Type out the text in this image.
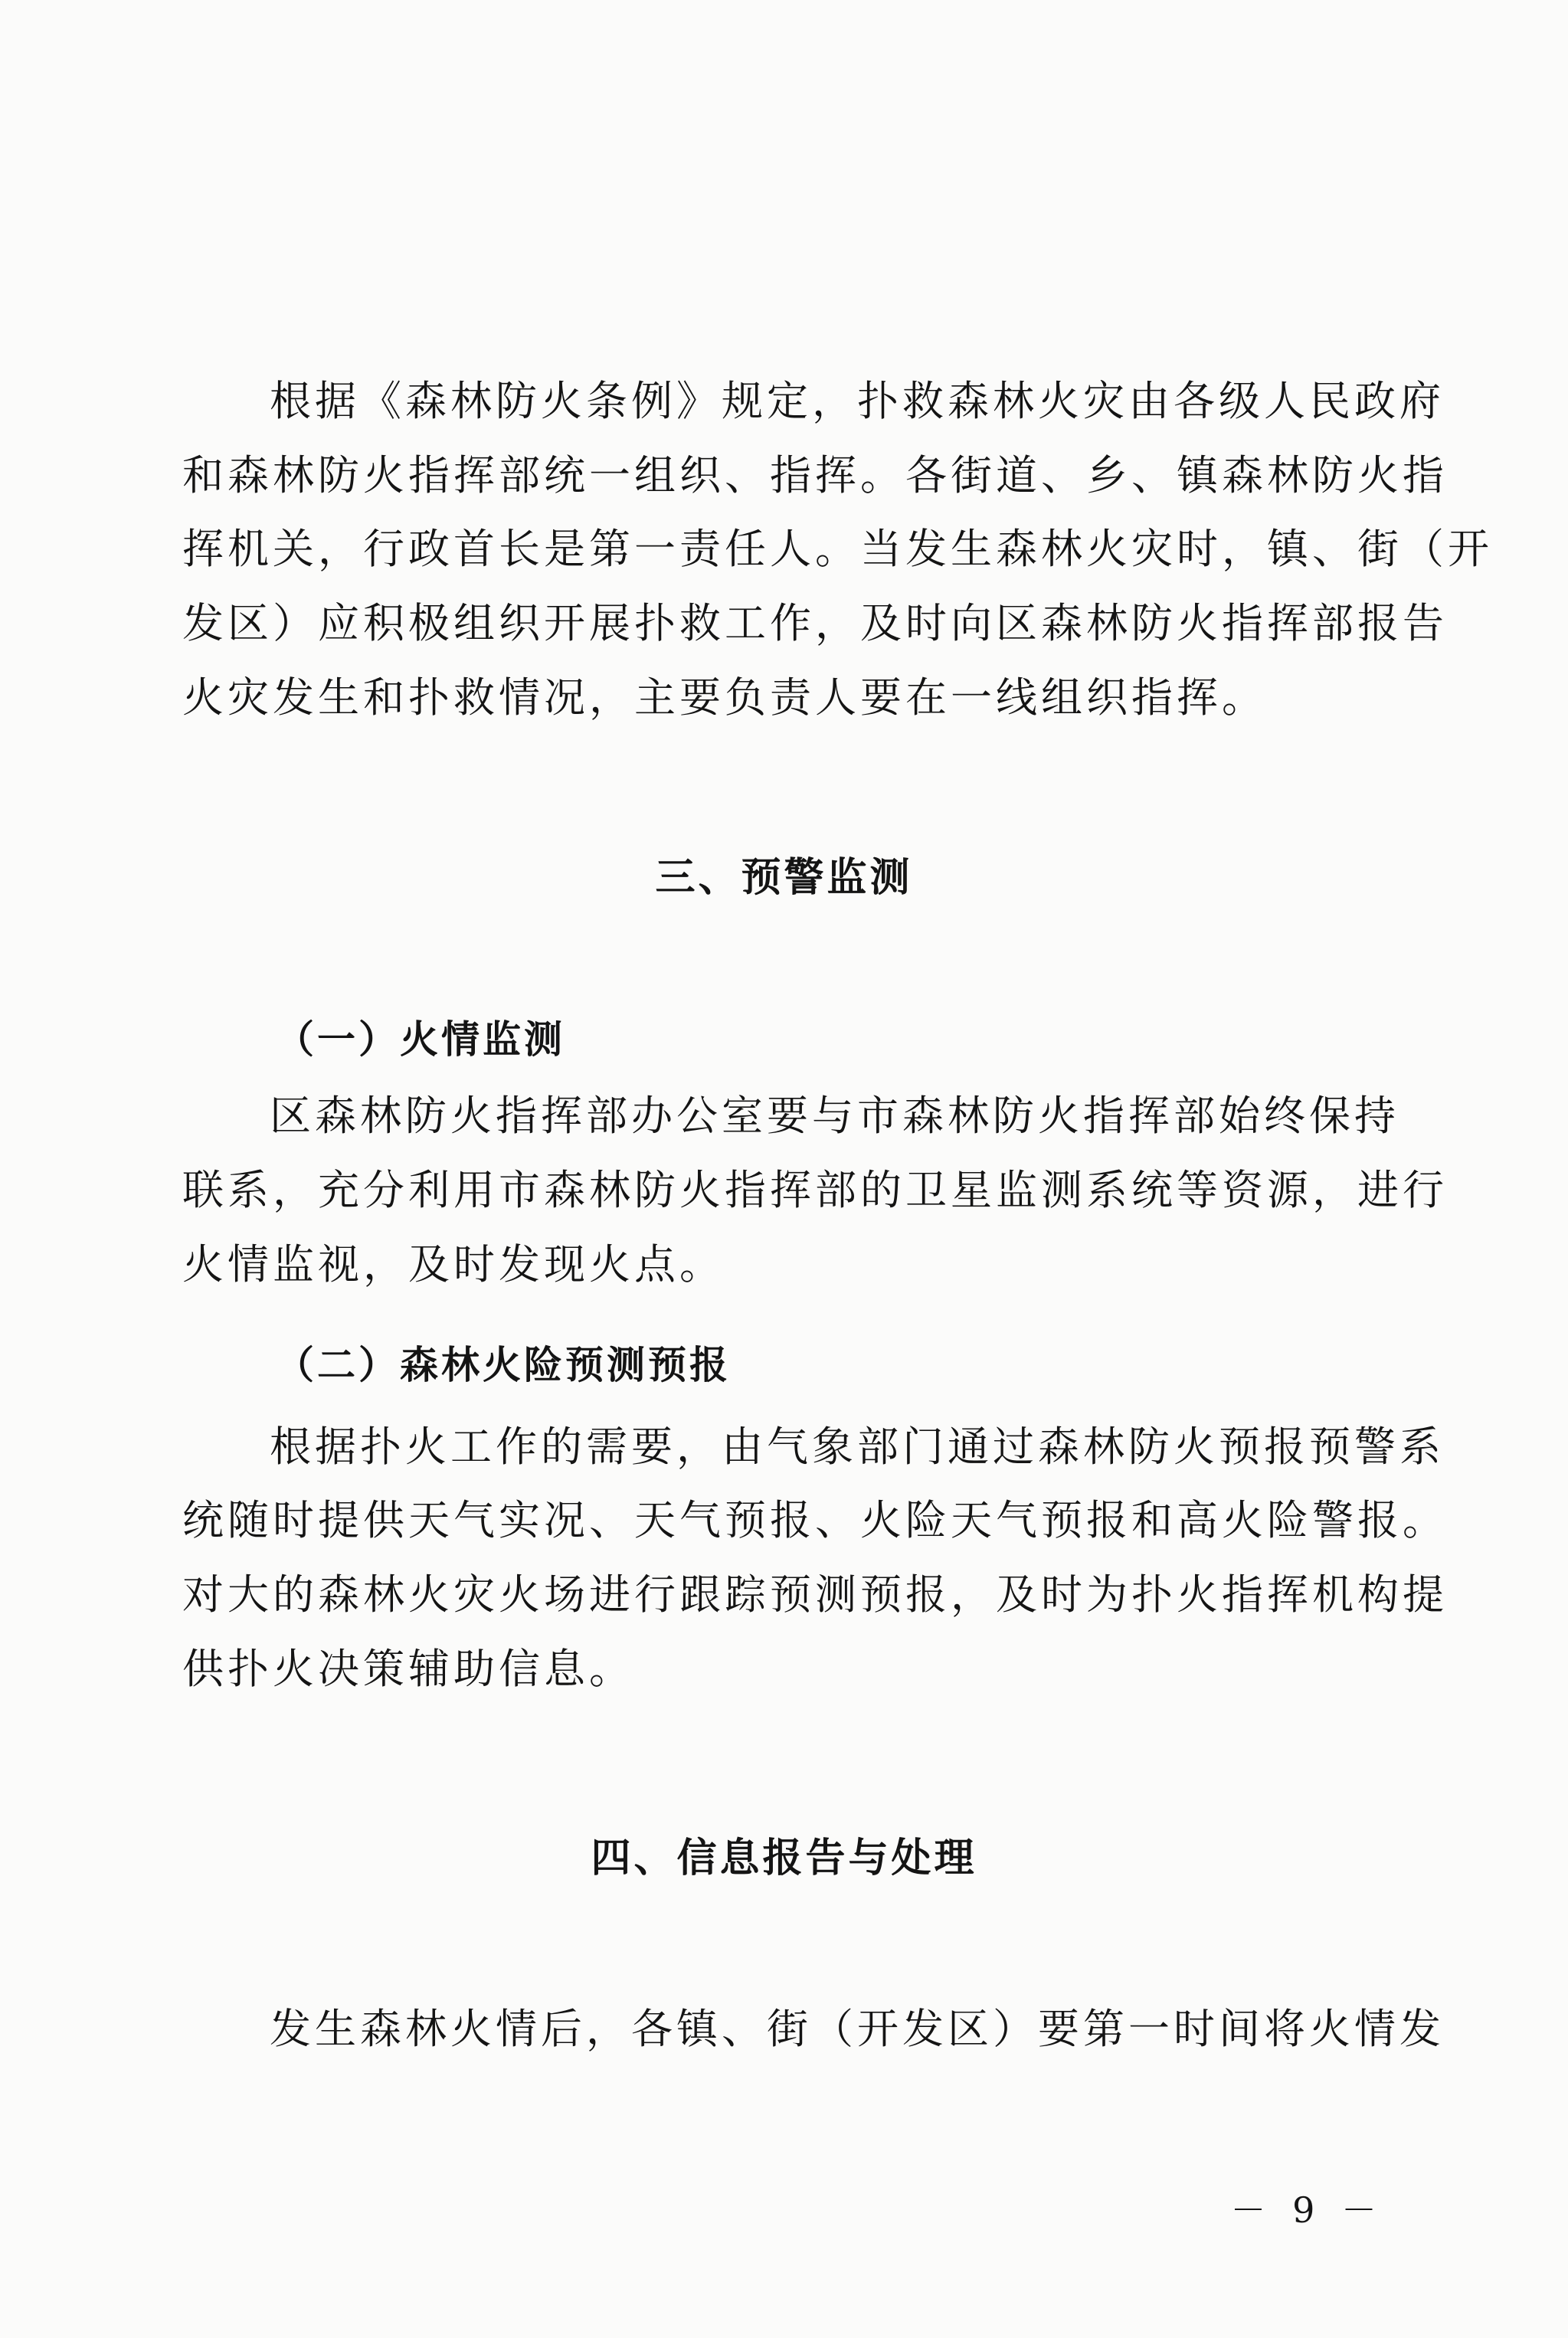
根据《森林防火条例》规定，扑救森林火灾由各级人民政府
和森林防火指挥部统一组织、指挥。各街道、乡、镇森林防火指
挥机关，行政首长是第一责任人。当发生森林火灾时，镇、街（开
发区）应积极组织开展扑救工作，及时向区森林防火指挥部报告
火灾发生和扑救情况，主要负责人要在一线组织指挥。
三、预警监测
（一）火情监测
区森林防火指挥部办公室要与市森林防火指挥部始终保持
联系，充分利用市森林防火指挥部的卫星监测系统等资源，进行
火情监视，及时发现火点。
（二）森林火险预测预报
根据扑火工作的需要，由气象部门通过森林防火预报预警系
统随时提供天气实况、天气预报、火险天气预报和高火险警报。
对大的森林火灾火场进行跟踪预测预报，及时为扑火指挥机构提
供扑火决策辅助信息。
四、信息报告与处理
发生森林火情后，各镇、街（开发区）要第一时间将火情发
－ 9 －
